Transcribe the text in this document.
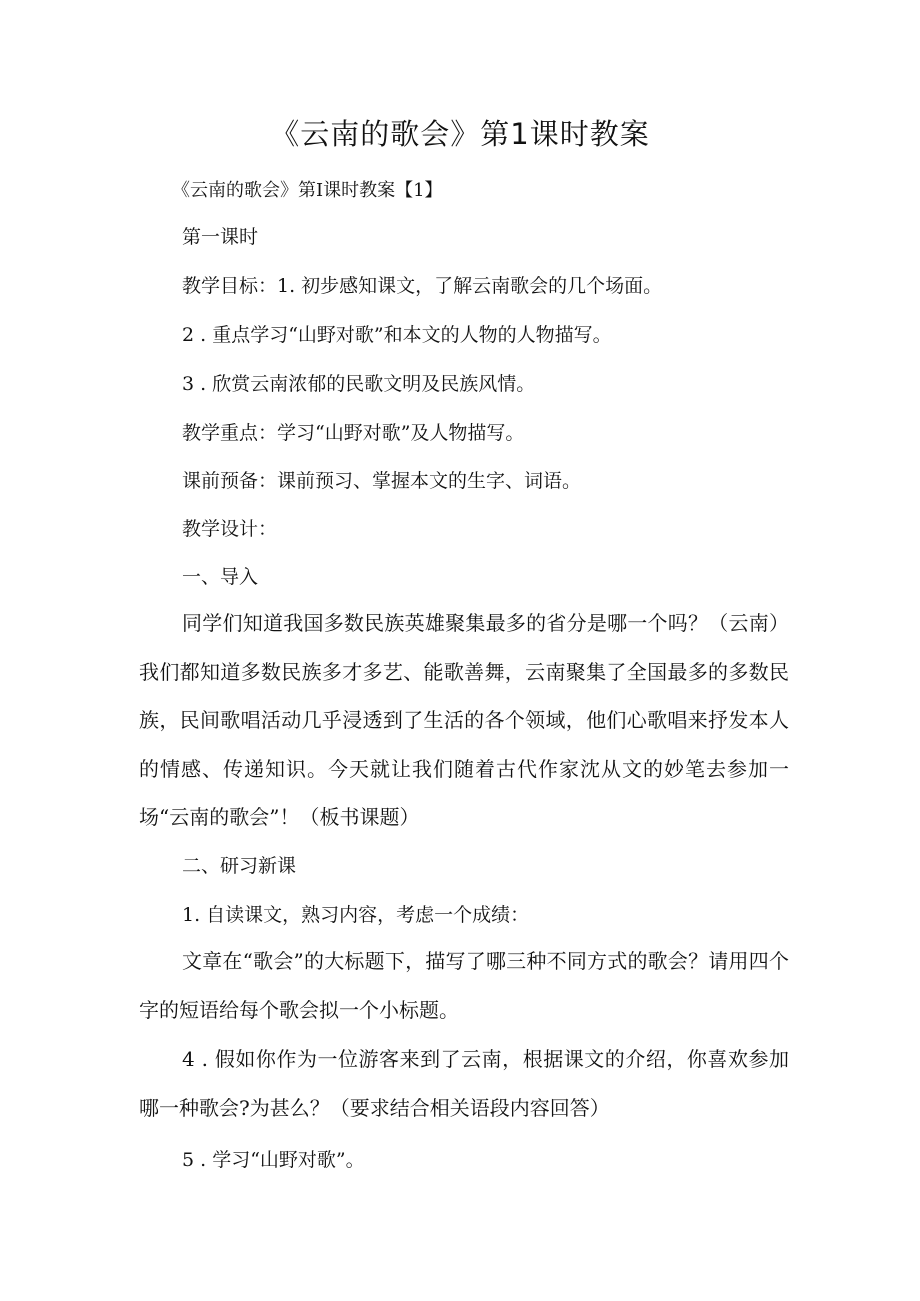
《云南的歌会》第1课时教案

《云南的歌会》第I课时教案【1】

第一课时

教学目标：1. 初步感知课文，了解云南歌会的几个场面。

2 . 重点学习“山野对歌”和本文的人物的人物描写。

3 . 欣赏云南浓郁的民歌文明及民族风情。

教学重点：学习“山野对歌”及人物描写。

课前预备：课前预习、掌握本文的生字、词语。

教学设计：

一、导入

同学们知道我国多数民族英雄聚集最多的省分是哪一个吗？（云南）我们都知道多数民族多才多艺、能歌善舞，云南聚集了全国最多的多数民族，民间歌唱活动几乎浸透到了生活的各个领域，他们心歌唱来抒发本人的情感、传递知识。今天就让我们随着古代作家沈从文的妙笔去参加一场“云南的歌会”！（板书课题）

二、研习新课

1. 自读课文，熟习内容，考虑一个成绩：

文章在“歌会”的大标题下，描写了哪三种不同方式的歌会？请用四个字的短语给每个歌会拟一个小标题。

4 . 假如你作为一位游客来到了云南，根据课文的介绍，你喜欢参加哪一种歌会?为甚么？（要求结合相关语段内容回答）

5 . 学习“山野对歌”。
